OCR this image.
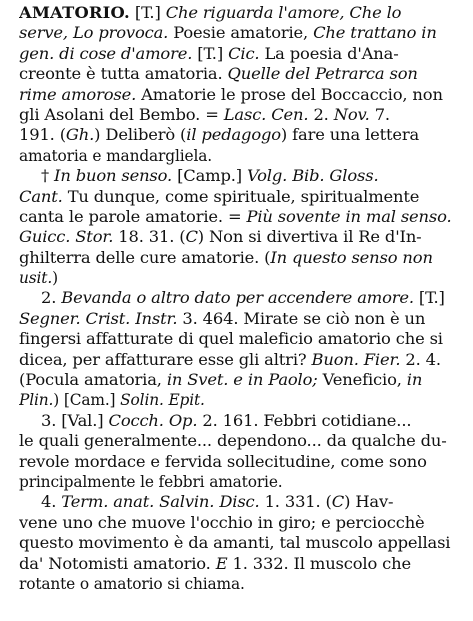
AMATORIO. [T.] Che riguarda l'amore, Che lo
serve, Lo provoca. Poesie amatorie, Che trattano in
gen. di cose d'amore. [T.] Cic. La poesia d'Ana-
creonte è tutta amatoria. Quelle del Petrarca son
rime amorose. Amatorie le prose del Boccaccio, non
gli Asolani del Bembo. = Lasc. Cen. 2. Nov. 7.
191. (Gh.) Deliberò (il pedagogo) fare una lettera
amatoria e mandargliela.
† In buon senso. [Camp.] Volg. Bib. Gloss.
Cant. Tu dunque, come spirituale, spiritualmente
canta le parole amatorie. = Più sovente in mal senso.
Guicc. Stor. 18. 31. (C) Non si divertiva il Re d'In-
ghilterra delle cure amatorie. (In questo senso non
usit.)
2. Bevanda o altro dato per accendere amore. [T.]
Segner. Crist. Instr. 3. 464. Mirate se ciò non è un
fingersi affatturate di quel maleficio amatorio che si
dicea, per affatturare esse gli altri? Buon. Fier. 2. 4.
(Pocula amatoria, in Svet. e in Paolo; Veneficio, in
Plin.) [Cam.] Solin. Epit.
3. [Val.] Cocch. Op. 2. 161. Febbri cotidiane...
le quali generalmente... dependono... da qualche du-
revole mordace e fervida sollecitudine, come sono
principalmente le febbri amatorie.
4. Term. anat. Salvin. Disc. 1. 331. (C) Hav-
vene uno che muove l'occhio in giro; e perciocchè
questo movimento è da amanti, tal muscolo appellasi
da' Notomisti amatorio. E 1. 332. Il muscolo che
rotante o amatorio si chiama.
